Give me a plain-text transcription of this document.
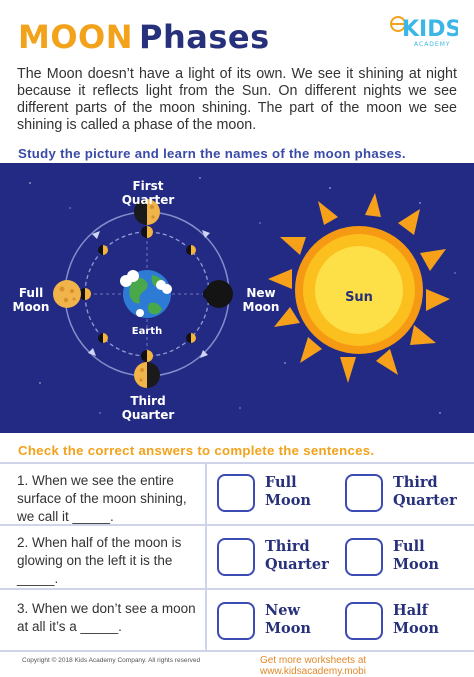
MOON Phases	KIDS
ACADEMY
The Moon doesn’t have a light of its own. We see it shining at night because it reflects light from the Sun. On different nights we see different parts of the moon shining. The part of the moon we see shining is called a phase of the moon.
Study the picture and learn the names of the moon phases.
First
Quarter
Full
Moon
New
Moon
Third
Quarter
Earth
Sun
Check the correct answers to complete the sentences.
1. When we see the entire surface of the moon shining, we call it _____.
Full
Moon
Third
Quarter
2. When half of the moon is glowing on the left it is the _____.
Third
Quarter
Full
Moon
3. When we don’t see a moon at all it’s a _____.
New
Moon
Half
Moon
Copyright © 2018 Kids Academy Company. All rights reserved	Get more worksheets at www.kidsacademy.mobi
